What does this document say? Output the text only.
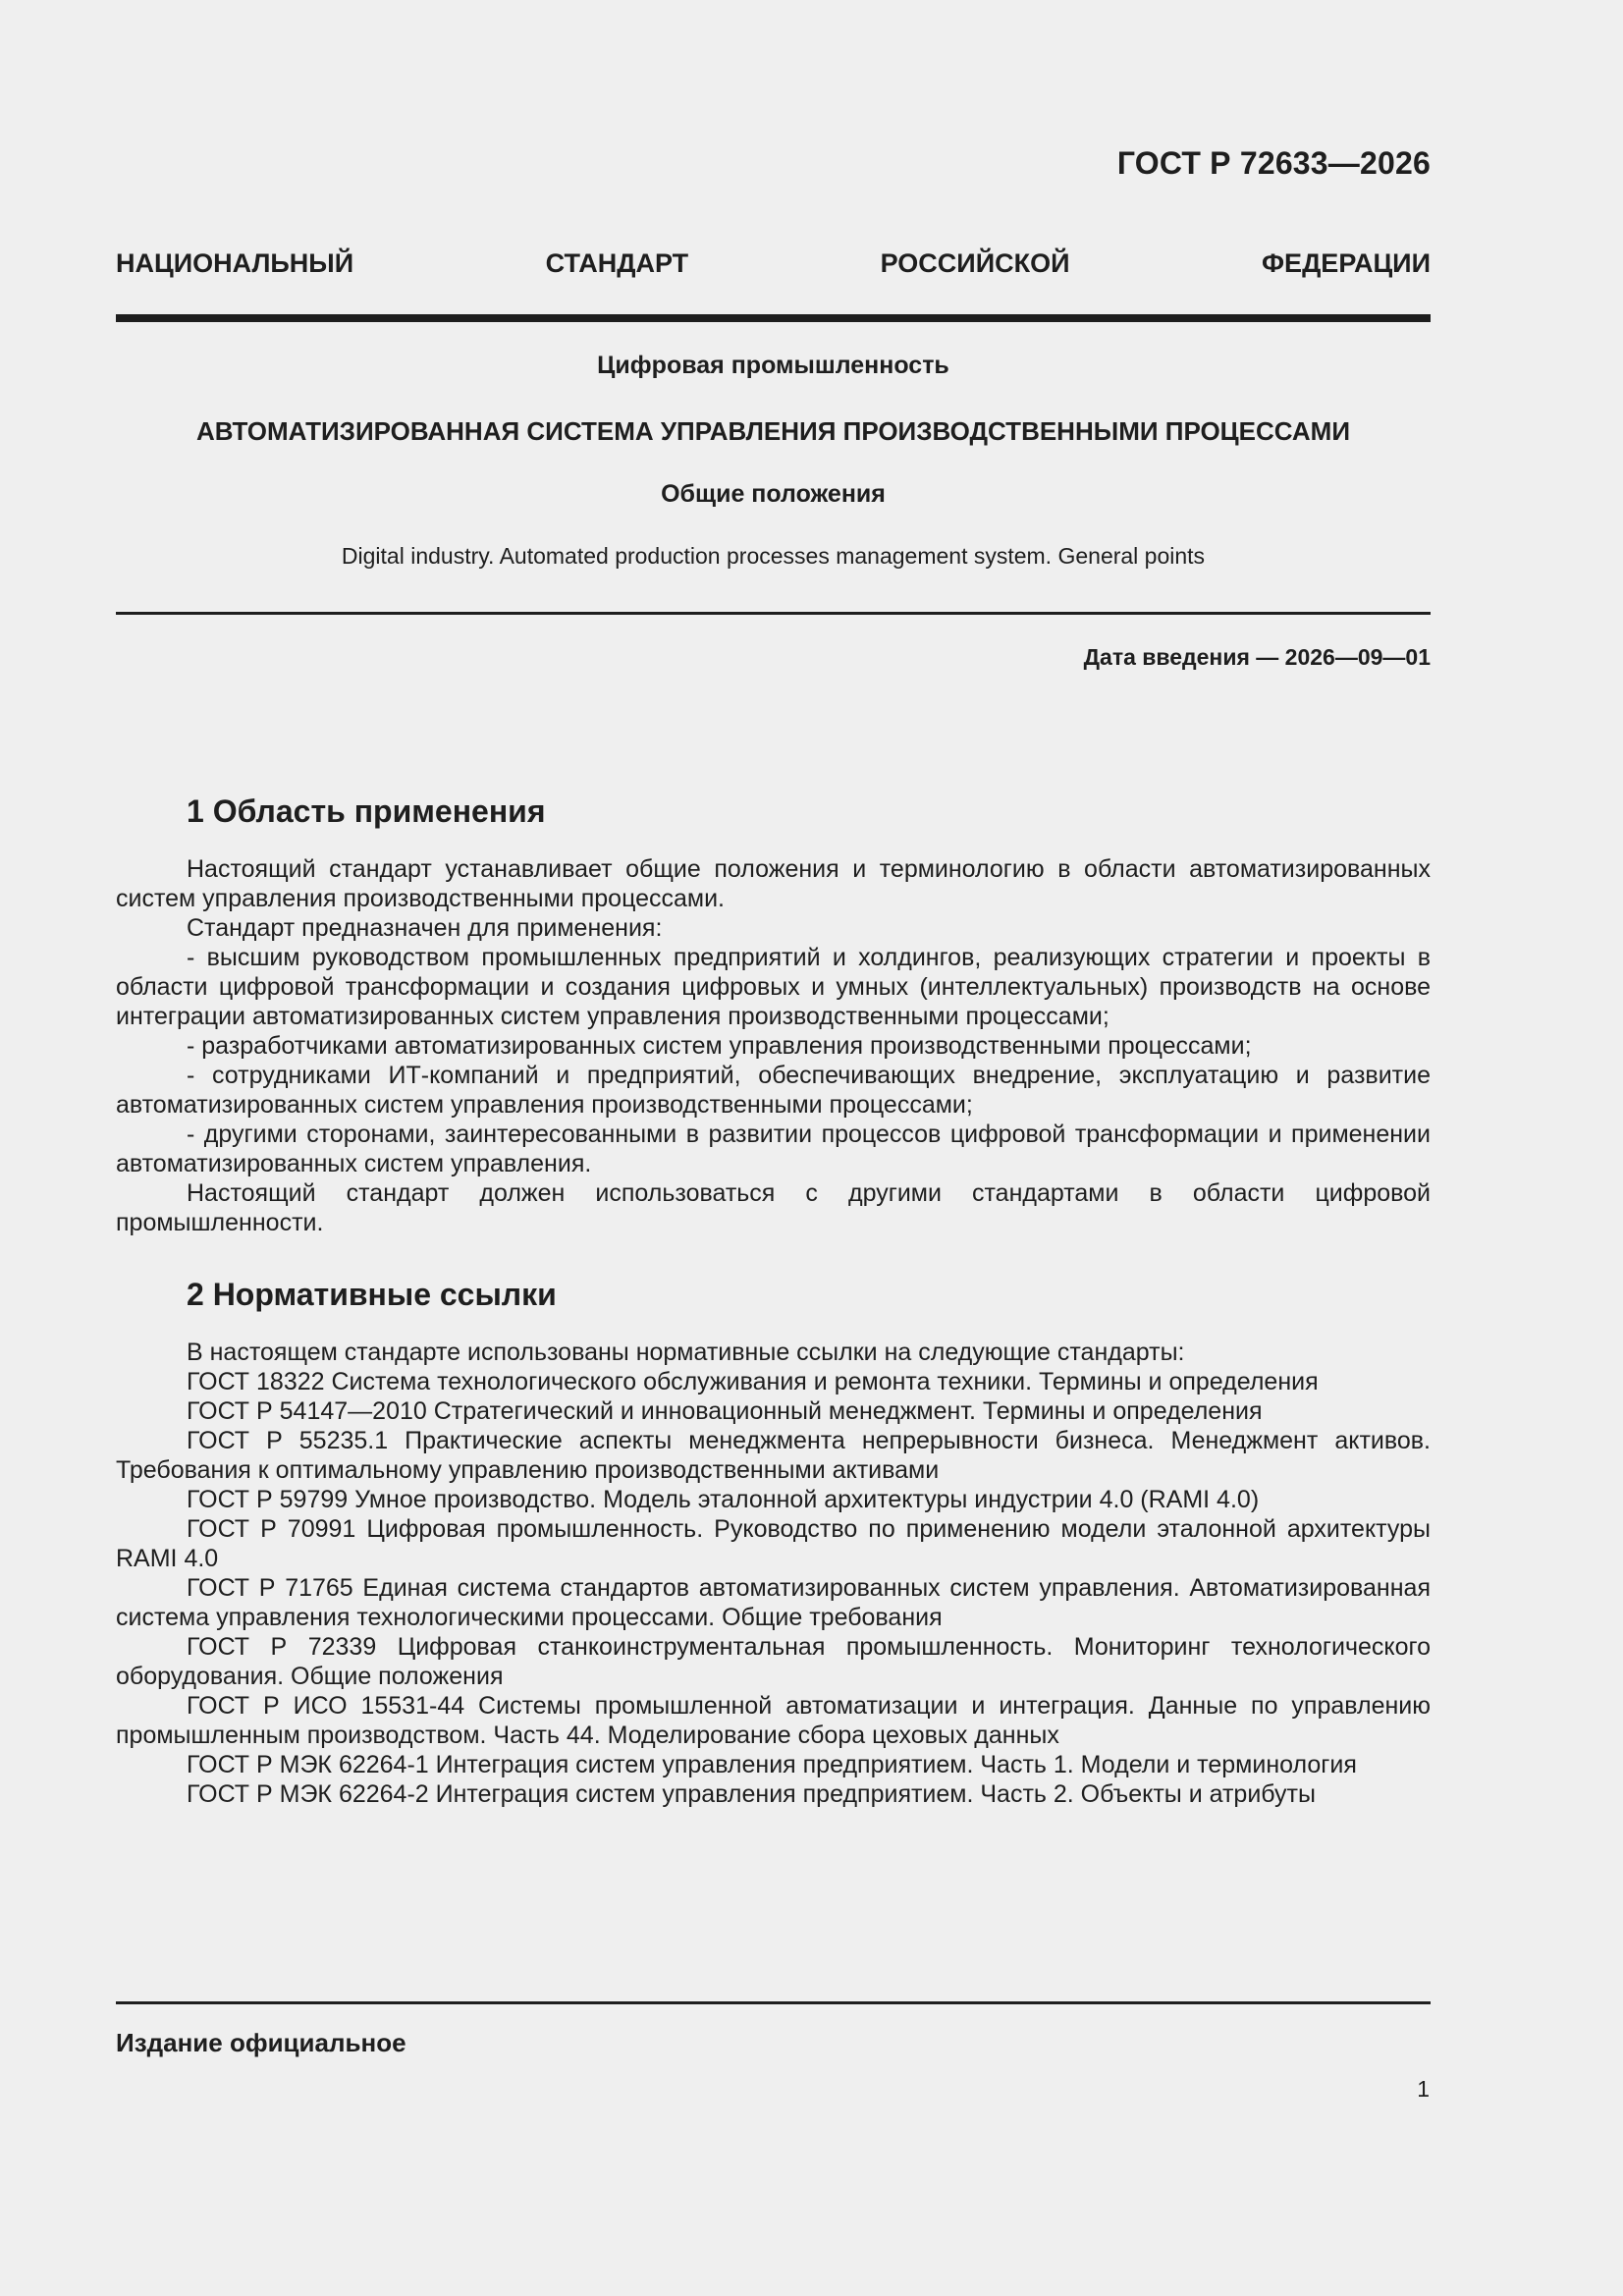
ГОСТ Р 72633—2026
НАЦИОНАЛЬНЫЙ	СТАНДАРТ	РОССИЙСКОЙ	ФЕДЕРАЦИИ
Цифровая промышленность
АВТОМАТИЗИРОВАННАЯ СИСТЕМА УПРАВЛЕНИЯ ПРОИЗВОДСТВЕННЫМИ ПРОЦЕССАМИ
Общие положения
Digital industry. Automated production processes management system. General points
Дата введения — 2026—09—01
1 Область применения

Настоящий стандарт устанавливает общие положения и терминологию в области автоматизированных систем управления производственными процессами.

Стандарт предназначен для применения:

- высшим руководством промышленных предприятий и холдингов, реализующих стратегии и проекты в области цифровой трансформации и создания цифровых и умных (интеллектуальных) производств на основе интеграции автоматизированных систем управления производственными процессами;

- разработчиками автоматизированных систем управления производственными процессами;

- сотрудниками ИТ-компаний и предприятий, обеспечивающих внедрение, эксплуатацию и развитие автоматизированных систем управления производственными процессами;

- другими сторонами, заинтересованными в развитии процессов цифровой трансформации и применении автоматизированных систем управления.

Настоящий стандарт должен использоваться с другими стандартами в области цифровой промышленности.

2 Нормативные ссылки

В настоящем стандарте использованы нормативные ссылки на следующие стандарты:

ГОСТ 18322 Система технологического обслуживания и ремонта техники. Термины и определения

ГОСТ Р 54147—2010 Стратегический и инновационный менеджмент. Термины и определения

ГОСТ Р 55235.1 Практические аспекты менеджмента непрерывности бизнеса. Менеджмент активов. Требования к оптимальному управлению производственными активами

ГОСТ Р 59799 Умное производство. Модель эталонной архитектуры индустрии 4.0 (RAMI 4.0)

ГОСТ Р 70991 Цифровая промышленность. Руководство по применению модели эталонной архитектуры RAMI 4.0

ГОСТ Р 71765 Единая система стандартов автоматизированных систем управления. Автоматизированная система управления технологическими процессами. Общие требования

ГОСТ Р 72339 Цифровая станкоинструментальная промышленность. Мониторинг технологического оборудования. Общие положения

ГОСТ Р ИСО 15531-44 Системы промышленной автоматизации и интеграция. Данные по управлению промышленным производством. Часть 44. Моделирование сбора цеховых данных

ГОСТ Р МЭК 62264-1 Интеграция систем управления предприятием. Часть 1. Модели и терминология

ГОСТ Р МЭК 62264-2 Интеграция систем управления предприятием. Часть 2. Объекты и атрибуты

Издание официальное
1
